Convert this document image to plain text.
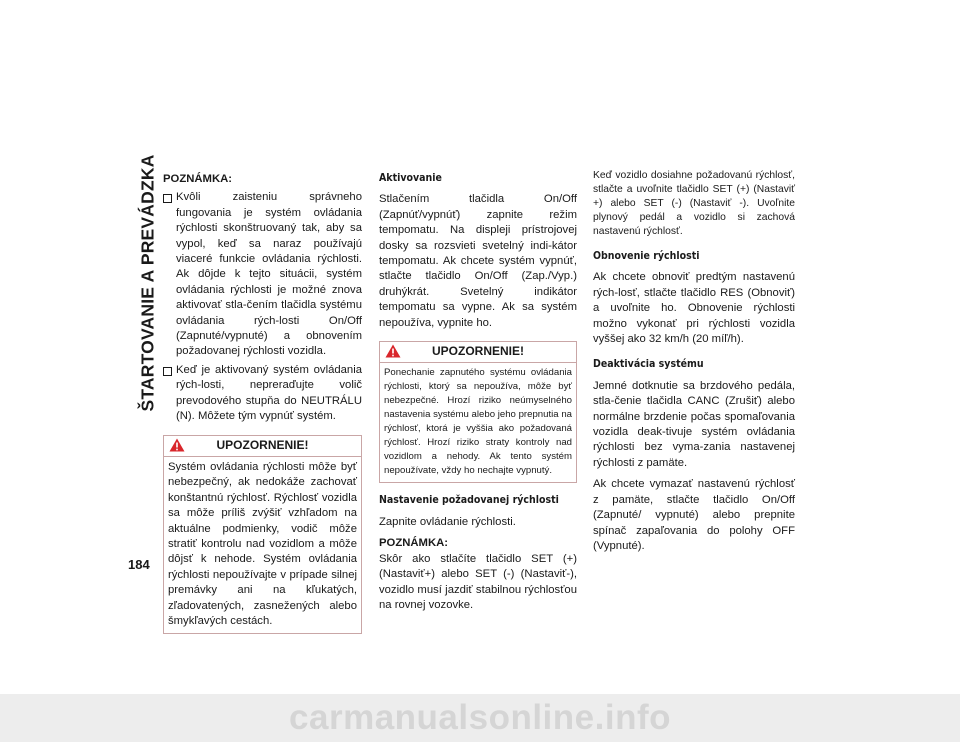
ŠTARTOVANIE A PREVÁDZKA POZNÁMKA:

Kvôli zaisteniu správneho fungovania je systém ovládania rýchlosti skonštruovaný tak, aby sa vypol, keď sa naraz používajú viaceré funkcie ovládania rýchlosti. Ak dôjde k tejto situácii, systém ovládania rýchlosti je možné znova aktivovať stla-čením tlačidla systému ovládania rých-losti On/Off (Zapnuté/vypnuté) a obnovením požadovanej rýchlosti vozidla.
Keď je aktivovaný systém ovládania rých-losti, nepreraďujte volič prevodového stupňa do NEUTRÁLU (N). Môžete tým vypnúť systém.
UPOZORNENIE!

Systém ovládania rýchlosti môže byť nebezpečný, ak nedokáže zachovať konštantnú rýchlosť. Rýchlosť vozidla sa môže príliš zvýšiť vzhľadom na aktuálne podmienky, vodič môže stratiť kontrolu nad vozidlom a môže dôjsť k nehode. Systém ovládania rýchlosti nepoužívajte v prípade silnej premávky ani na kľukatých, zľadovatených, zasnežených alebo šmykľavých cestách.

Aktivovanie

Stlačením tlačidla On/Off (Zapnúť/vypnúť) zapnite režim tempomatu. Na displeji prístrojovej dosky sa rozsvieti svetelný indi-kátor tempomatu. Ak chcete systém vypnúť, stlačte tlačidlo On/Off (Zap./Vyp.) druhýkrát. Svetelný indikátor tempomatu sa vypne. Ak sa systém nepoužíva, vypnite ho.

UPOZORNENIE!

Ponechanie zapnutého systému ovládania rýchlosti, ktorý sa nepoužíva, môže byť nebezpečné. Hrozí riziko neúmyselného nastavenia systému alebo jeho prepnutia na rýchlosť, ktorá je vyššia ako požadovaná rýchlosť. Hrozí riziko straty kontroly nad vozidlom a nehody. Ak tento systém nepoužívate, vždy ho nechajte vypnutý.

Nastavenie požadovanej rýchlosti

Zapnite ovládanie rýchlosti.

POZNÁMKA:

Skôr ako stlačíte tlačidlo SET (+) (Nastaviť+) alebo SET (-) (Nastaviť-), vozidlo musí jazdiť stabilnou rýchlosťou na rovnej vozovke.

Keď vozidlo dosiahne požadovanú rýchlosť, stlačte a uvoľnite tlačidlo SET (+) (Nastaviť +) alebo SET (-) (Nastaviť -). Uvoľnite plynový pedál a vozidlo si zachová nastavenú rýchlosť.

Obnovenie rýchlosti

Ak chcete obnoviť predtým nastavenú rých-losť, stlačte tlačidlo RES (Obnoviť) a uvoľnite ho. Obnovenie rýchlosti možno vykonať pri rýchlosti vozidla vyššej ako 32 km/h (20 míľ/h).

Deaktivácia systému

Jemné dotknutie sa brzdového pedála, stla-čenie tlačidla CANC (Zrušiť) alebo normálne brzdenie počas spomaľovania vozidla deak-tivuje systém ovládania rýchlosti bez vyma-zania nastavenej rýchlosti z pamäte.

Ak chcete vymazať nastavenú rýchlosť z pamäte, stlačte tlačidlo On/Off (Zapnuté/ vypnuté) alebo prepnite spínač zapaľovania do polohy OFF (Vypnuté).

184
carmanualsonline.info
